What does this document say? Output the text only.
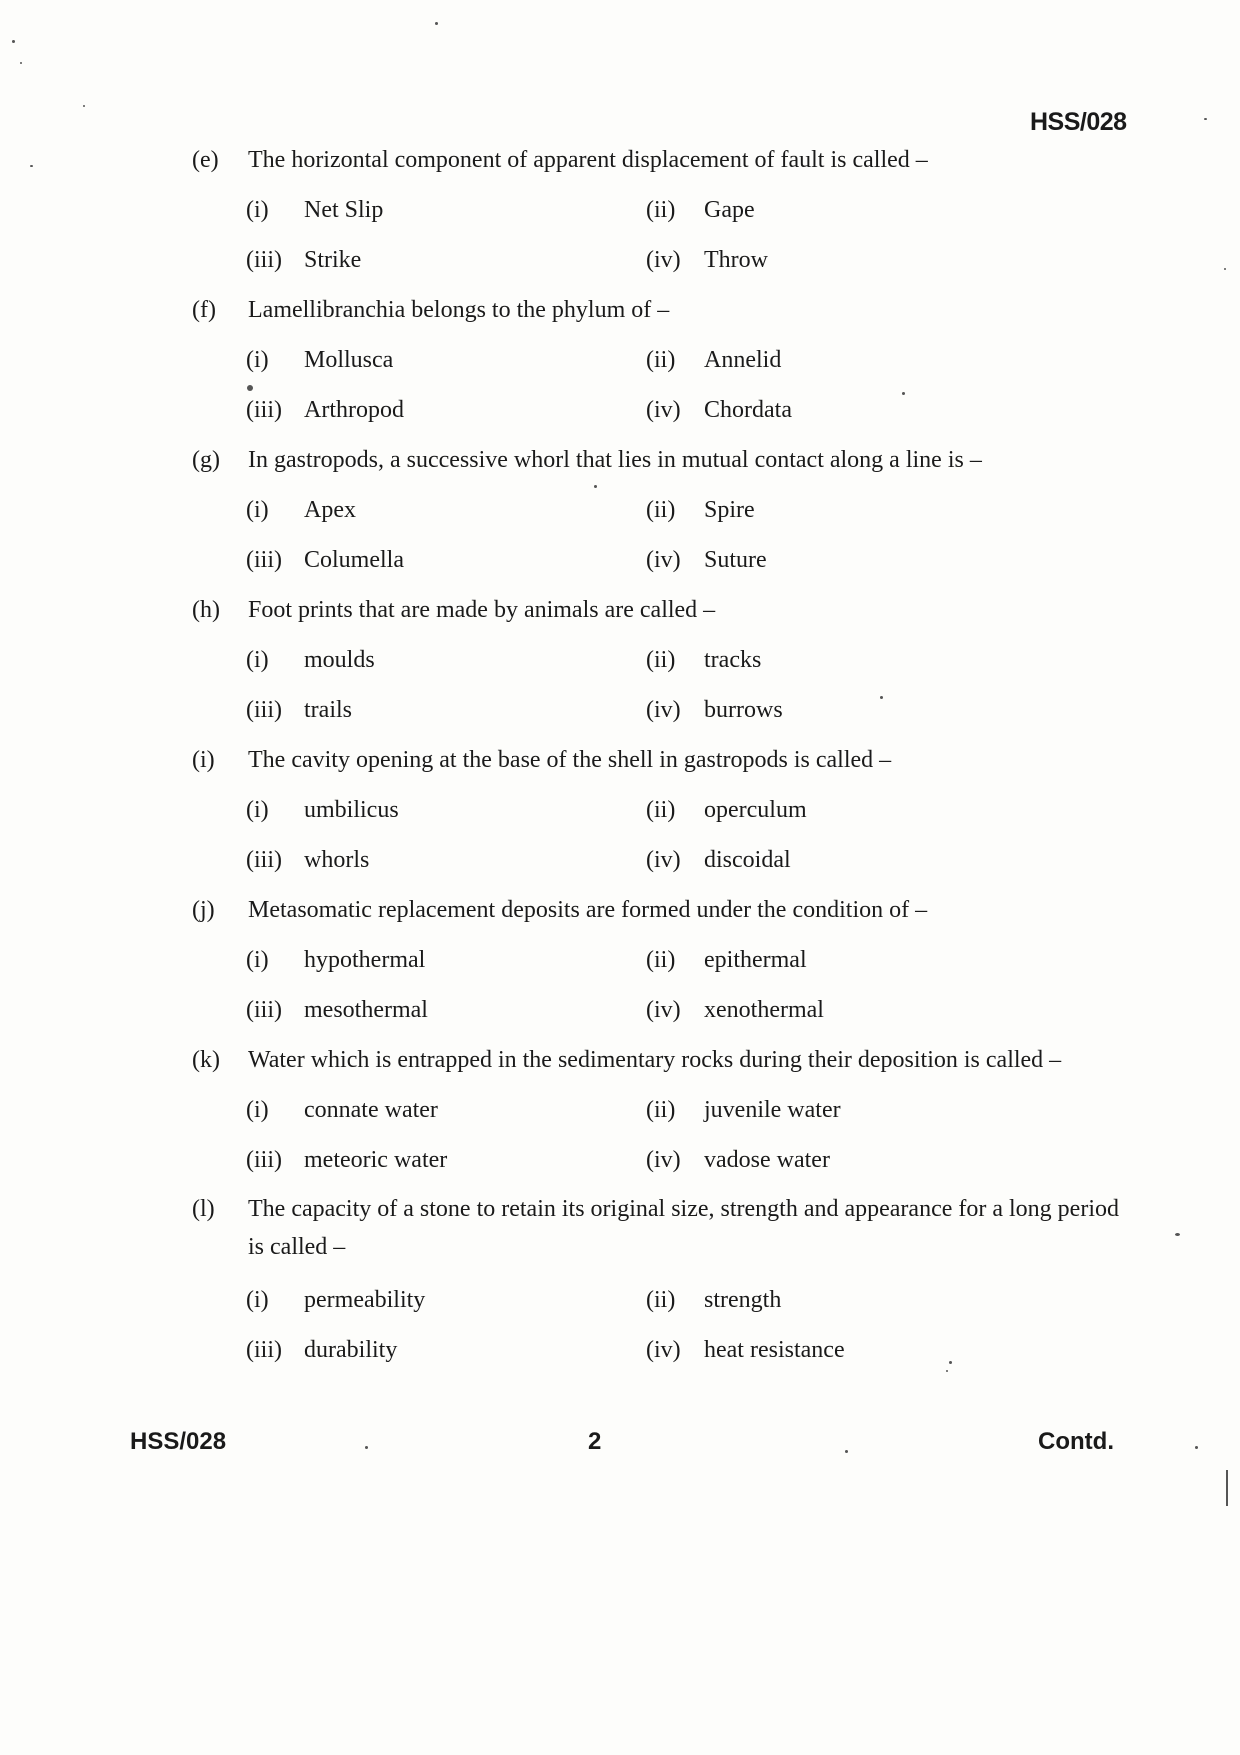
HSS/028
(e)	The horizontal component of apparent displacement of fault is called –
(i) Net Slip	(ii) Gape
(iii) Strike	(iv) Throw
(f)	Lamellibranchia belongs to the phylum of –
(i) Mollusca	(ii) Annelid
(iii) Arthropod	(iv) Chordata
(g)	In gastropods, a successive whorl that lies in mutual contact along a line is –
(i) Apex	(ii) Spire
(iii) Columella	(iv) Suture
(h)	Foot prints that are made by animals are called –
(i) moulds	(ii) tracks
(iii) trails	(iv) burrows
(i)	The cavity opening at the base of the shell in gastropods is called –
(i) umbilicus	(ii) operculum
(iii) whorls	(iv) discoidal
(j)	Metasomatic replacement deposits are formed under the condition of –
(i) hypothermal	(ii) epithermal
(iii) mesothermal	(iv) xenothermal
(k)	Water which is entrapped in the sedimentary rocks during their deposition is called –
(i) connate water	(ii) juvenile water
(iii) meteoric water	(iv) vadose water
(l)	The capacity of a stone to retain its original size, strength and appearance for a long period is called –
(i) permeability	(ii) strength
(iii) durability	(iv) heat resistance
HSS/028	2	Contd.
